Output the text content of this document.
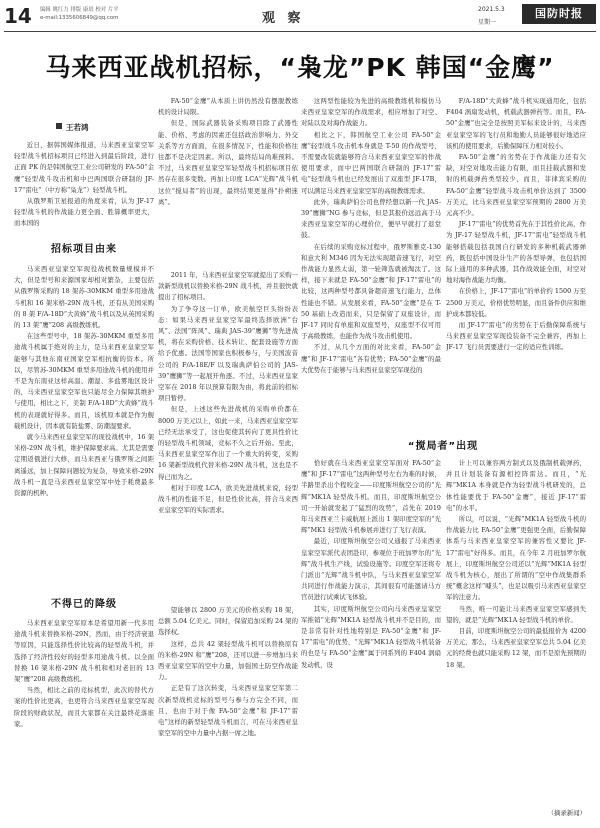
14 编辑 姚红力 排版 康晨 校对 片平
e-mail:1335606849@qq.com	观 察
2021.5.3
星期一
国防时报
马来西亚战机招标，“枭龙”PK 韩国“金鹰”
王若鸿

近日，据韩国媒体报道，马来西亚皇家空军轻型战斗机招标项目已经进入到最后阶段，进行正面 PK 的是韩国航空工业公司研发的 FA-50“金鹰”轻型战斗攻击机和中巴两国联合研制的 JF-17“雷电”（中方称“枭龙”）轻型战斗机。

从俄罗斯卫星报道的角度来看，认为 JF-17 轻型战斗机的作战能力更全面、胜算概率更大，而本国的

招标项目由来

马来西亚皇家空军现役战机数量规模并不大，但是型号和来源国家却相对繁杂，主要包括从俄罗斯采购的 18 架苏-30MKM 重型多用途战斗机和 16 架米格-29N 战斗机，还有从美国采购的 8 架 F/A-18D“大黄蜂”战斗机以及从英国采购的 13 架“鹰”208 高级教练机。

在这些型号中，18 架苏-30MKM 重型多用途战斗机属于绝对的主力，是马来西亚皇家空军能够与其他东南亚国家空军相抗衡的资本。所以，尽管苏-30MKM 重型多用途战斗机的使用并不是为东南亚这样高温、潮湿、多盐雾地区设计的，马来西亚皇家空军也只能尽全力保障其维护与使用，相比之下，美制 F/A-18D“大黄蜂”战斗机的表现就好得多。而且，该机原本就是作为舰载机设计，因本就有防盐雾、防潮湿要求。

就今马来西亚皇家空军的现役战机中，16 架米格-29N 战斗机，维护保障要求高。尤其是需要定期返俄进行大修，而马来西亚与俄罗斯之间距离遥远，加上保障问题较为复杂，导致米格-29N 战斗机一直是马来西亚皇家空军中处于耗费最多资源的机种。

不得已的降级

马来西亚皇家空军原本是希望用新一代多用途战斗机来替换米格-29N，然而，由于经济衰退等原因，只能选择性价比较高的轻型战斗机，并选择了经济性较好的轻型多用途战斗机。以全面替换 16 架米格-29N 战斗机和相对老旧的 13 架“鹰”208 高级教练机。

当然，相比之前的竞标机型，此次的替代方案的性价比更高，也更符合马来西亚皇家空军现阶段的财政状况，而且大家都在关注最终花落谁家。

FA-50“金鹰”从本质上讲仍然没有摆脱教练机的设计局限。

但是，国际武器装备采购项目除了武器性能、价格、考虑的因素还包括政治影响力、外交关系等方方面面，在很多情况下，性能和价格往往都不是决定因素。所以，最终结局尚难预料。不过，马来西亚皇家空军轻型战斗机招标项目依然存在很多变数。再加上印度 LCA“光辉”战斗机这位“搅局者”的出现，最终结果更显得“扑朔迷离”。

2011 年，马来西亚皇家空军就提出了采购一款新型战机以替换米格-29N 战斗机，并且很快就提出了招标项目。

为了争夺这一订单，欧美航空巨头纷纷表态：如果马来西亚皇家空军最终选择欧洲“台风”、法国“阵风”、瑞典 JAS-39“鹰狮”等先进战机，将在采购价格、技术转让、配套设施等方面给予优惠。法国等国家也积极参与，与美国波音公司的 F/A-18E/F 以及瑞典萨伯公司的 JAS-39“鹰狮”等一起展开角逐。不过，马来西亚皇家空军在 2018 年以预算有限为由，将此前的招标项目暂停。

但是，上述这些先进战机的采购单价都在 8000 万美元以上，如此一来，马来西亚皇家空军已经无法承受了，这也促使其转向了更具性价比的轻型战斗机领域，竞标不久之后开始。至此，马来西亚皇家空军作出了一个重大的转变，采购 16 架新型战机代替米格-29N 战斗机，这也是不得已而为之。

相对于印度 LCA，欧美先进战机来说，轻型战斗机的性能不足，但是性价比高，符合马来西亚皇家空军的实际需求。

望能够以 2800 万美元的价格采购 18 架，总额 5.04 亿美元。同时，保留追加采购 24 架的选择权。

这样，总共 42 架轻型战斗机可以替换原有的米格-29N 和“鹰”208，还可以进一步增加马来西亚皇家空军的空中力量，加强国土防空作战能力。

正是有了这次转变，马来西亚皇家空军第二次新型战机竞标的型号与参与方完全不同，而且，也由于对于像 FA-50“金鹰”和 JF-17“雷电”这样的新型轻型战斗机而言，可在马来西亚皇家空军的空中力量中占据一席之地。

这两型性能较为先进的高级教练机和模仿马来西亚皇家空军的作战需求，相应增加了对空、对陆以及对海作战能力。

相比之下，韩国航空工业公司 FA-50“金鹰”轻型战斗攻击机本身就是 T-50 的作战型号，不需要改装就能够符合马来西亚皇家空军的作战使用要求，而中巴两国联合研制的 JF-17“雷电”轻型战斗机也已经发展出了双座型 JF-17B，可以满足马来西亚皇家空军的高级教练需求。

此外，瑞典萨伯公司也曾经想以新一代 JAS-39“鹰狮”NG 参与竞标，但是其报价远远高于马来西亚皇家空军的心理价位，便早早就打了退堂鼓。

在后续的采购竞标过程中，俄罗斯雅克-130 和意大利 M346 因为无法实现超音速飞行，对空作战能力显然太弱，第一轮筛选就被淘汰了。这样，接下来就是 FA-50“金鹰”和 JF-17“雷电”的比较，这两种型号都具备超音速飞行能力，总体性能也不错。从发展来看，FA-50“金鹰”是在 T-50 基础上改造而来，只是保留了双座设计，而 JF-17 同时有单座和双座型号，双座型不仅可用于高级教练，也能作为战斗攻击机使用。

不过，从几个方面的对比来看，FA-50“金鹰”和 JF-17“雷电”各有优势；FA-50“金鹰”的最大优势在于能够与马来西亚皇家空军现役的

“搅局者”出现

恰好就在马来西亚皇家空军面对 FA-50“金鹰”和 JF-17“雷电”这两种型号左右为难的时候，半路里杀出个程咬金——印度斯坦航空公司的“光辉”MK1A 轻型战斗机。而且，印度斯坦航空公司一开始就发起了“猛烈的攻势”，首先在 2019 年马来西亚兰卡威航展上派出 1 架印度空军的“光辉”MK1 轻型战斗机参展并进行了飞行表演。

最近，印度斯坦航空公司又通报了马来西亚皇家空军派代表团赴印，参观位于班加罗尔的“光辉”战斗机生产线，试验设施等。印度空军还将专门派出“光辉”战斗机中队，与马来西亚皇家空军共同进行作战能力演示，其间很有可能邀请马方官员进行试乘试飞体验。

其实，印度斯坦航空公司向马来西亚皇家空军推销“光辉”MK1A 轻型战斗机并不是目的，而是非常有针对性地特别是 FA-50“金鹰”和 JF-17“雷电”的优势，“光辉”MK1A 轻型战斗机装备的也是与 FA-50“金鹰”属于同系列的 F404 涡扇发动机，设

F/A-18D“大黄蜂”战斗机实现通用化，包括 F404 涡扇发动机，机载武器弹药等。而且，FA-50“金鹰”也完全是按照美军标来设计的，马来西亚皇家空军的飞行员和地勤人员能够很好地适应该机的使用要求，后勤保障压力相对较小。

FA-50“金鹰”的劣势在于作战能力还有欠缺，对空对地攻击能力有限，而且挂载武器和发射的机载弹药类型较少，而且，菲律宾采购的 FA-50“金鹰”轻型战斗攻击机单价达到了 3500 万美元，比马来西亚皇家空军预期的 2800 万美元高不少。

JF-17“雷电”的优势首先在于其性价比高，作为 JF-17 轻型战斗机，JF-17“雷电”轻型战斗机能够搭载包括我国自行研发的多种机载武器弹药，既包括中国设计生产的各型导弹，也包括国际上通用的多种武器，其作战效能全面，对空对地对海作战能力均衡。

在价格上，JF-17“雷电”的单价约 1500 万至 2500 万美元，价格优势明显，而且备件供应和维护成本都较低。

而 JF-17“雷电”的劣势在于后勤保障系统与马来西亚皇家空军现役装备不完全兼容，再加上 JF-17 飞行员需要进行一定的适应性训练。

计上可以兼容两方制式以及俄制机载弹药，并且计划装备有源相控阵雷达。而且，“光辉”MK1A 本身就是作为轻型战斗机研发的，总体性能要优于 FA-50“金鹰”，接近 JF-17“雷电”的水平。

所以，可以说，“光辉”MK1A 轻型战斗机的作战能力比 FA-50“金鹰”更强更全面，后勤保障体系与马来西亚皇家空军的兼容性又要比 JF-17“雷电”好得多。而且，在今年 2 月班加罗尔航展上，印度斯坦航空公司还以“光辉”MK1A 轻型战斗机为核心，展出了所谓的“空中作战集群系统”概念这样“噱头”，也足以吸引马来西亚皇家空军的注意力。

当然，唯一可能让马来西亚皇家空军感到失望的，就是“光辉”MK1A 轻型战斗机的单价。

目前，印度斯坦航空公司的最低报价为 4200 万美元，那么，马来西亚皇家空军总共 5.04 亿美元的经费也就只能采购 12 架，而不是原先预期的 18 架。

（摘录新闻）
